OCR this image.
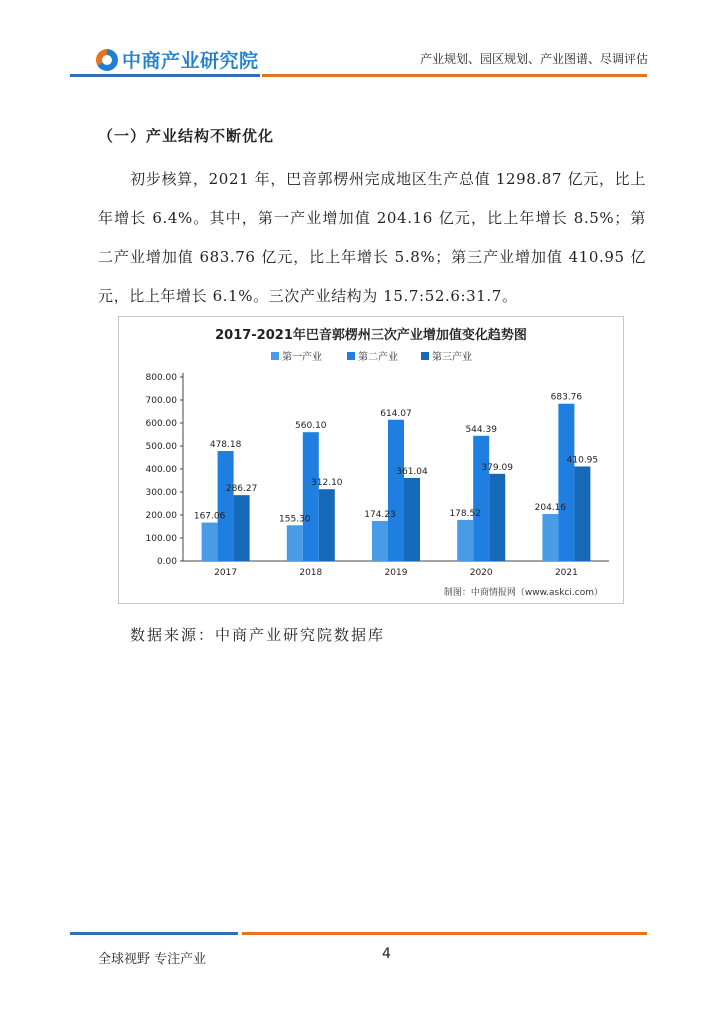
中商产业研究院	产业规划、园区规划、产业图谱、尽调评估
（一）产业结构不断优化
初步核算，2021 年，巴音郭楞州完成地区生产总值 1298.87 亿元，比上年增长 6.4%。其中，第一产业增加值 204.16 亿元，比上年增长 8.5%；第二产业增加值 683.76 亿元，比上年增长 5.8%；第三产业增加值 410.95 亿元，比上年增长 6.1%。三次产业结构为 15.7:52.6:31.7。
2017-2021年巴音郭楞州三次产业增加值变化趋势图
第一产业	第二产业	第三产业
0.00
100.00
200.00
300.00
400.00
500.00
600.00
700.00
800.00
2017	2018	2019	2020	2021
167.06
478.18
286.27
155.30
560.10
312.10
174.23
614.07
361.04
178.52
544.39
379.09
204.16
683.76
410.95
制图：中商情报网（www.askci.com）
数据来源：中商产业研究院数据库
全球视野 专注产业	4
